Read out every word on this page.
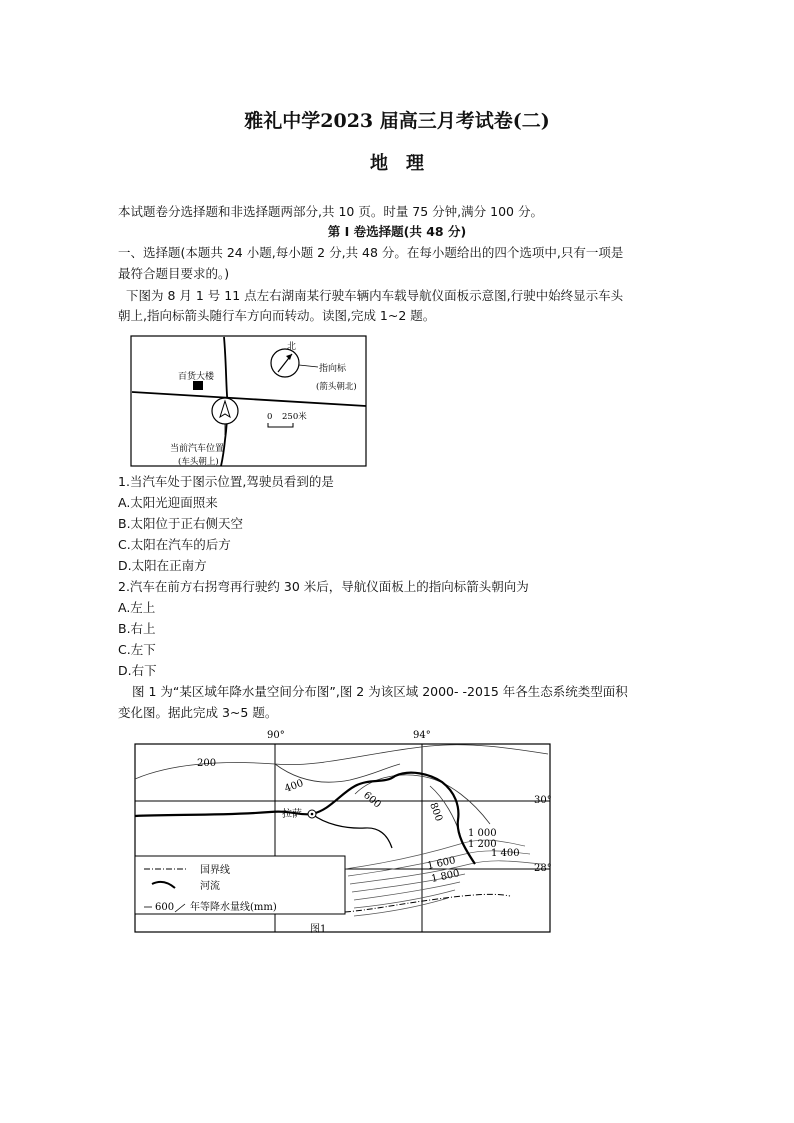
雅礼中学2023 届高三月考试卷(二)
地　理
本试题卷分选择题和非选择题两部分,共 10 页。时量 75 分钟,满分 100 分。
第 I 卷选择题(共 48 分)
一、选择题(本题共 24 小题,每小题 2 分,共 48 分。在每小题给出的四个选项中,只有一项是
最符合题目要求的。)
下图为 8 月 1 号 11 点左右湖南某行驶车辆内车载导航仪面板示意图,行驶中始终显示车头
朝上,指向标箭头随行车方向而转动。读图,完成 1~2 题。
百货大楼
北
指向标
(箭头朝北)
0 250米
当前汽车位置
(车头朝上)
1.当汽车处于图示位置,驾驶员看到的是
A.太阳光迎面照来
B.太阳位于正右侧天空
C.太阳在汽车的后方
D.太阳在正南方
2.汽车在前方右拐弯再行驶约 30 米后，导航仪面板上的指向标箭头朝向为
A.左上
B.右上
C.左下
D.右下
图 1 为“某区域年降水量空间分布图”,图 2 为该区域 2000- -2015 年各生态系统类型面积
变化图。据此完成 3~5 题。
90°	94°
30°
28°
200
400
600
800
1 000
1 200
1 400
1 600
1 800
拉萨
国界线
河流
600 年等降水量线(mm)
图1
